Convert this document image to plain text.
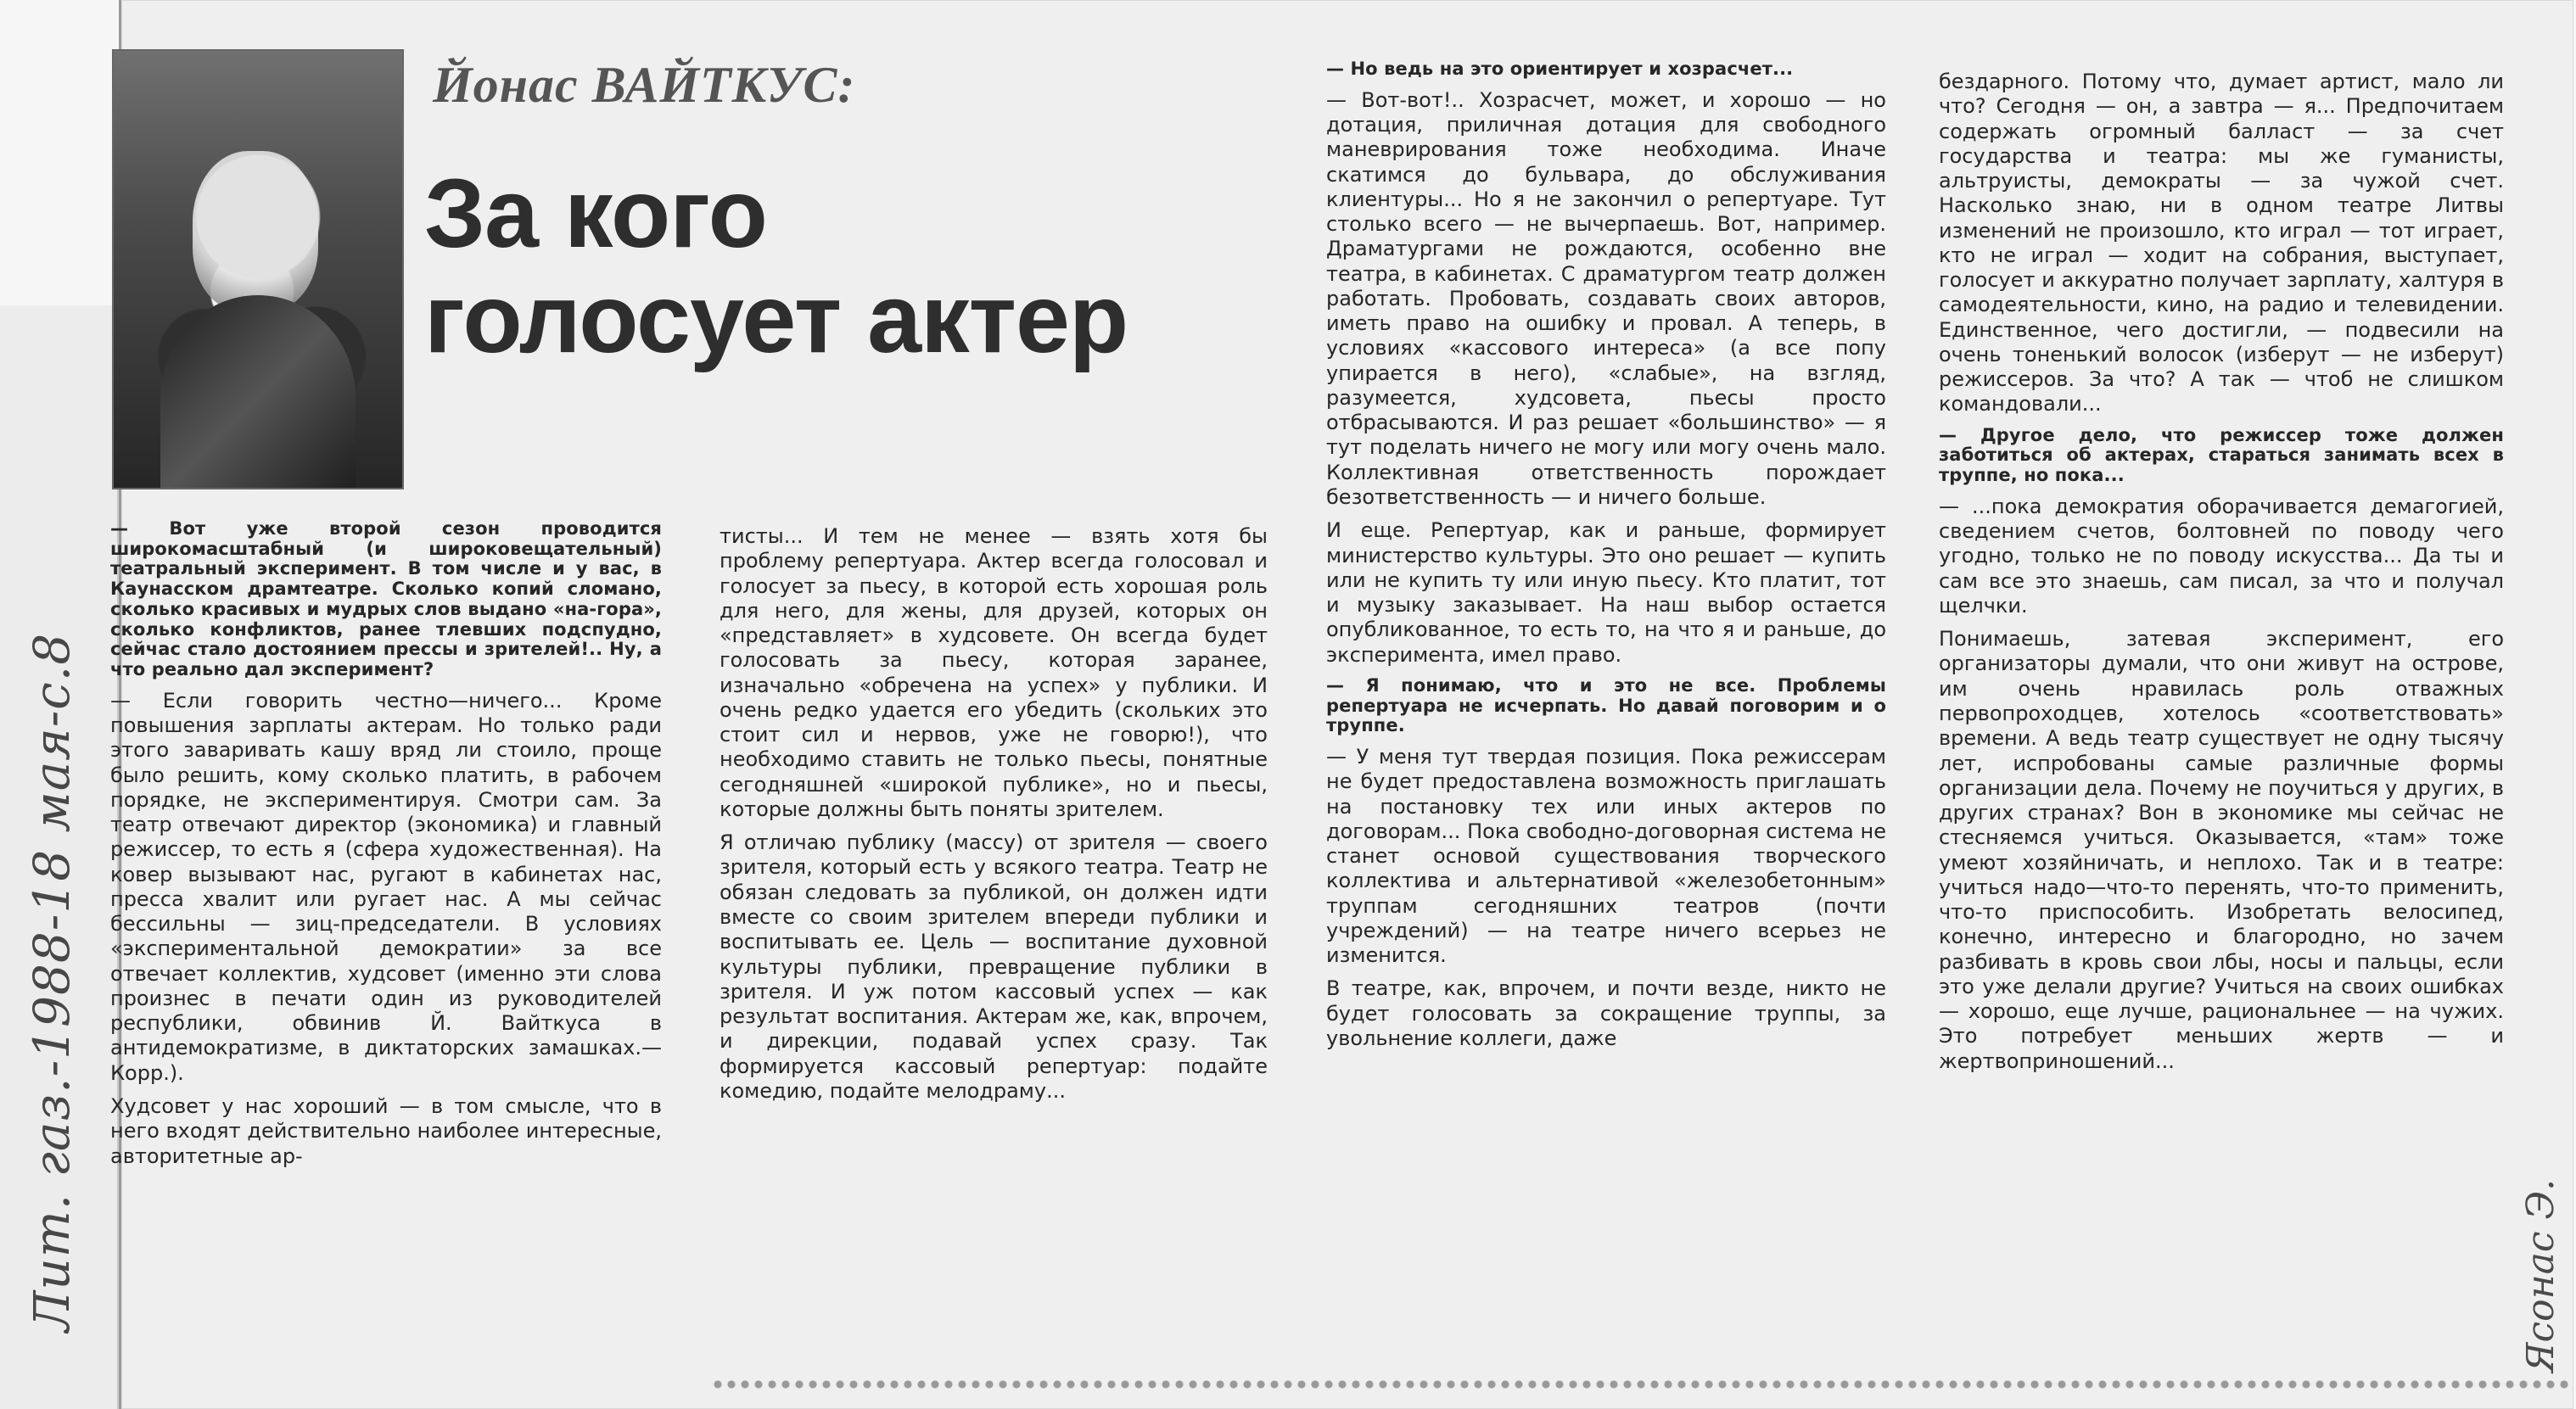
Йонас ВАЙТКУС:
За кого голосует актер

— Вот уже второй сезон проводится широкомасштабный (и широковещательный) театральный эксперимент. В том числе и у вас, в Каунасском драмтеатре. Сколько копий сломано, сколько красивых и мудрых слов выдано «на-гора», сколько конфликтов, ранее тлевших подспудно, сейчас стало достоянием прессы и зрителей!.. Ну, а что реально дал эксперимент?

— Если говорить честно—ничего... Кроме повышения зарплаты актерам. Но только ради этого заваривать кашу вряд ли стоило, проще было решить, кому сколько платить, в рабочем порядке, не экспериментируя. Смотри сам. За театр отвечают директор (экономика) и главный режиссер, то есть я (сфера художественная). На ковер вызывают нас, ругают в кабинетах нас, пресса хвалит или ругает нас. А мы сейчас бессильны — зиц-председатели. В условиях «экспериментальной демократии» за все отвечает коллектив, худсовет (именно эти слова произнес в печати один из руководителей республики, обвинив Й. Вайткуса в антидемократизме, в диктаторских замашках.— Корр.).

Худсовет у нас хороший — в том смысле, что в него входят действительно наиболее интересные, авторитетные ар-

тисты... И тем не менее — взять хотя бы проблему репертуара. Актер всегда голосовал и голосует за пьесу, в которой есть хорошая роль для него, для жены, для друзей, которых он «представляет» в худсовете. Он всегда будет голосовать за пьесу, которая заранее, изначально «обречена на успех» у публики. И очень редко удается его убедить (скольких это стоит сил и нервов, уже не говорю!), что необходимо ставить не только пьесы, понятные сегодняшней «широкой публике», но и пьесы, которые должны быть поняты зрителем.

Я отличаю публику (массу) от зрителя — своего зрителя, который есть у всякого театра. Театр не обязан следовать за публикой, он должен идти вместе со своим зрителем впереди публики и воспитывать ее. Цель — воспитание духовной культуры публики, превращение публики в зрителя. И уж потом кассовый успех — как результат воспитания. Актерам же, как, впрочем, и дирекции, подавай успех сразу. Так формируется кассовый репертуар: подайте комедию, подайте мелодраму...

— Но ведь на это ориентирует и хозрасчет...

— Вот-вот!.. Хозрасчет, может, и хорошо — но дотация, приличная дотация для свободного маневрирования тоже необходима. Иначе скатимся до бульвара, до обслуживания клиентуры... Но я не закончил о репертуаре. Тут столько всего — не вычерпаешь. Вот, например. Драматургами не рождаются, особенно вне театра, в кабинетах. С драматургом театр должен работать. Пробовать, создавать своих авторов, иметь право на ошибку и провал. А теперь, в условиях «кассового интереса» (а все попу упирается в него), «слабые», на взгляд, разумеется, худсовета, пьесы просто отбрасываются. И раз решает «большинство» — я тут поделать ничего не могу или могу очень мало. Коллективная ответственность порождает безответственность — и ничего больше.

И еще. Репертуар, как и раньше, формирует министерство культуры. Это оно решает — купить или не купить ту или иную пьесу. Кто платит, тот и музыку заказывает. На наш выбор остается опубликованное, то есть то, на что я и раньше, до эксперимента, имел право.

— Я понимаю, что и это не все. Проблемы репертуара не исчерпать. Но давай поговорим и о труппе.

— У меня тут твердая позиция. Пока режиссерам не будет предоставлена возможность приглашать на постановку тех или иных актеров по договорам... Пока свободно-договорная система не станет основой существования творческого коллектива и альтернативой «железобетонным» труппам сегодняшних театров (почти учреждений) — на театре ничего всерьез не изменится.

В театре, как, впрочем, и почти везде, никто не будет голосовать за сокращение труппы, за увольнение коллеги, даже

бездарного. Потому что, думает артист, мало ли что? Сегодня — он, а завтра — я... Предпочитаем содержать огромный балласт — за счет государства и театра: мы же гуманисты, альтруисты, демократы — за чужой счет. Насколько знаю, ни в одном театре Литвы изменений не произошло, кто играл — тот играет, кто не играл — ходит на собрания, выступает, голосует и аккуратно получает зарплату, халтуря в самодеятельности, кино, на радио и телевидении. Единственное, чего достигли, — подвесили на очень тоненький волосок (изберут — не изберут) режиссеров. За что? А так — чтоб не слишком командовали...

— Другое дело, что режиссер тоже должен заботиться об актерах, стараться занимать всех в труппе, но пока...

— ...пока демократия оборачивается демагогией, сведением счетов, болтовней по поводу чего угодно, только не по поводу искусства... Да ты и сам все это знаешь, сам писал, за что и получал щелчки.

Понимаешь, затевая эксперимент, его организаторы думали, что они живут на острове, им очень нравилась роль отважных первопроходцев, хотелось «соответствовать» времени. А ведь театр существует не одну тысячу лет, испробованы самые различные формы организации дела. Почему не поучиться у других, в других странах? Вон в экономике мы сейчас не стесняемся учиться. Оказывается, «там» тоже умеют хозяйничать, и неплохо. Так и в театре: учиться надо—что-то перенять, что-то применить, что-то приспособить. Изобретать велосипед, конечно, интересно и благородно, но зачем разбивать в кровь свои лбы, носы и пальцы, если это уже делали другие? Учиться на своих ошибках — хорошо, еще лучше, рациональнее — на чужих. Это потребует меньших жертв — и жертвоприношений...

Лит. газ.-1988-18 мая-с.8	Ясонас Э.
